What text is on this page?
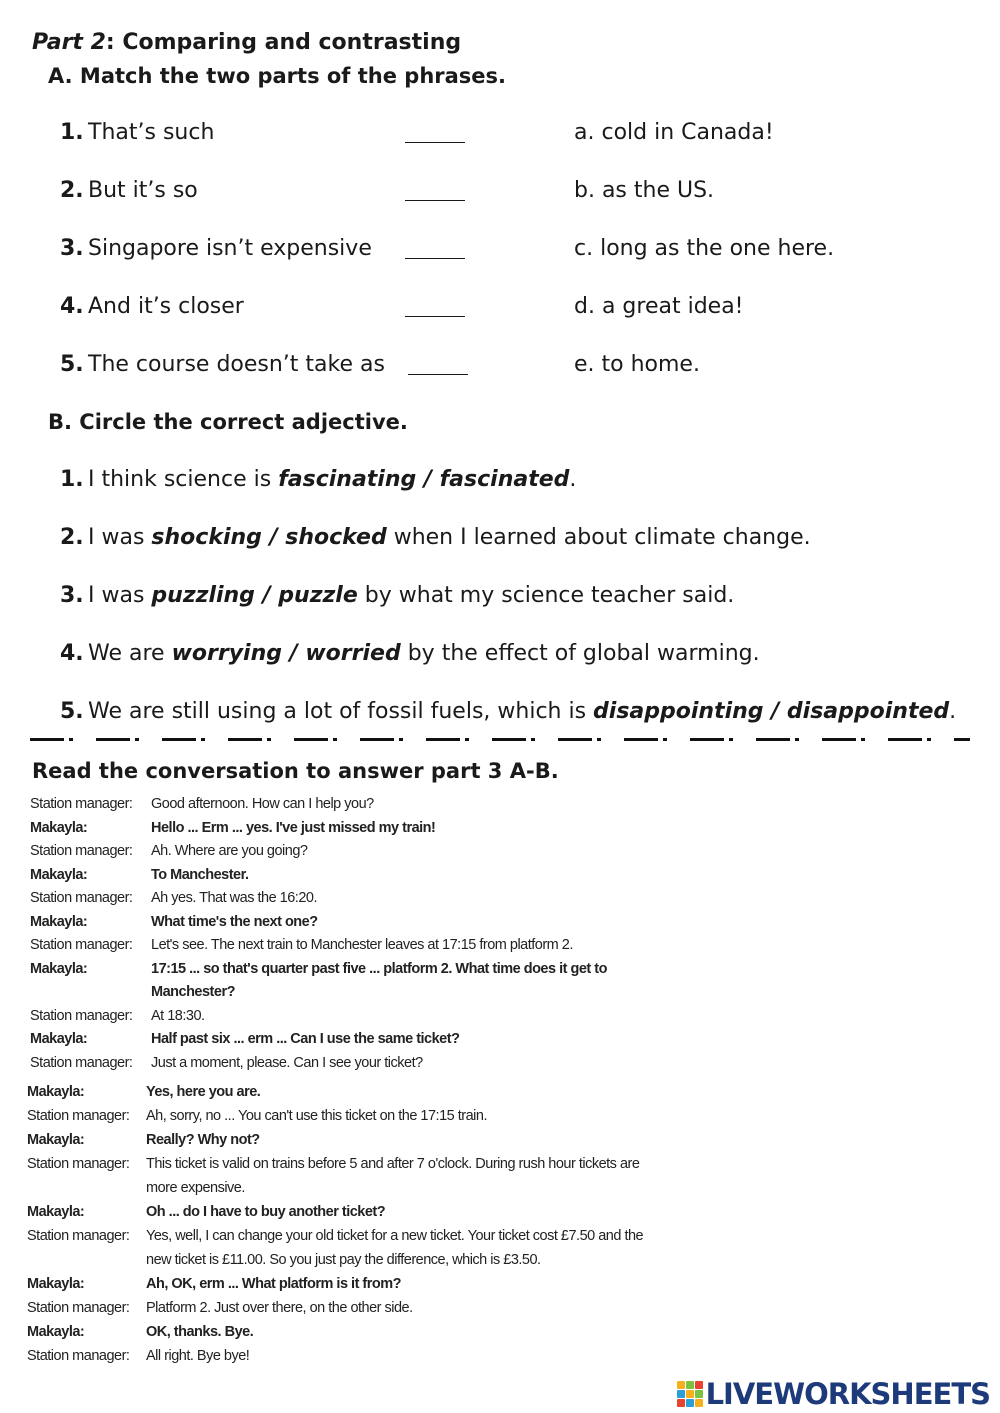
Part 2: Comparing and contrasting
A. Match the two parts of the phrases.
1. That’s such	a. cold in Canada!
2. But it’s so	b. as the US.
3. Singapore isn’t expensive	c. long as the one here.
4. And it’s closer	d. a great idea!
5. The course doesn’t take as	e. to home.
B. Circle the correct adjective.
1. I think science is fascinating / fascinated.
2. I was shocking / shocked when I learned about climate change.
3. I was puzzling / puzzle by what my science teacher said.
4. We are worrying / worried by the effect of global warming.
5. We are still using a lot of fossil fuels, which is disappointing / disappointed.
Read the conversation to answer part 3 A-B.
Station manager: Good afternoon. How can I help you?
Makayla:	Hello ... Erm ... yes. I've just missed my train!
Station manager: Ah. Where are you going?
Makayla:	To Manchester.
Station manager: Ah yes. That was the 16:20.
Makayla:	What time's the next one?
Station manager: Let's see. The next train to Manchester leaves at 17:15 from platform 2.
Makayla:	17:15 ... so that's quarter past five ... platform 2. What time does it get to
Manchester?
Station manager: At 18:30.
Makayla:	Half past six ... erm ... Can I use the same ticket?
Station manager: Just a moment, please. Can I see your ticket?
Makayla:	Yes, here you are.
Station manager: Ah, sorry, no ... You can't use this ticket on the 17:15 train.
Makayla:	Really? Why not?
Station manager: This ticket is valid on trains before 5 and after 7 o'clock. During rush hour tickets are
more expensive.
Makayla:	Oh ... do I have to buy another ticket?
Station manager: Yes, well, I can change your old ticket for a new ticket. Your ticket cost £7.50 and the
new ticket is £11.00. So you just pay the difference, which is £3.50.
Makayla:	Ah, OK, erm ... What platform is it from?
Station manager: Platform 2. Just over there, on the other side.
Makayla:	OK, thanks. Bye.
Station manager: All right. Bye bye!
LIVEWORKSHEETS
